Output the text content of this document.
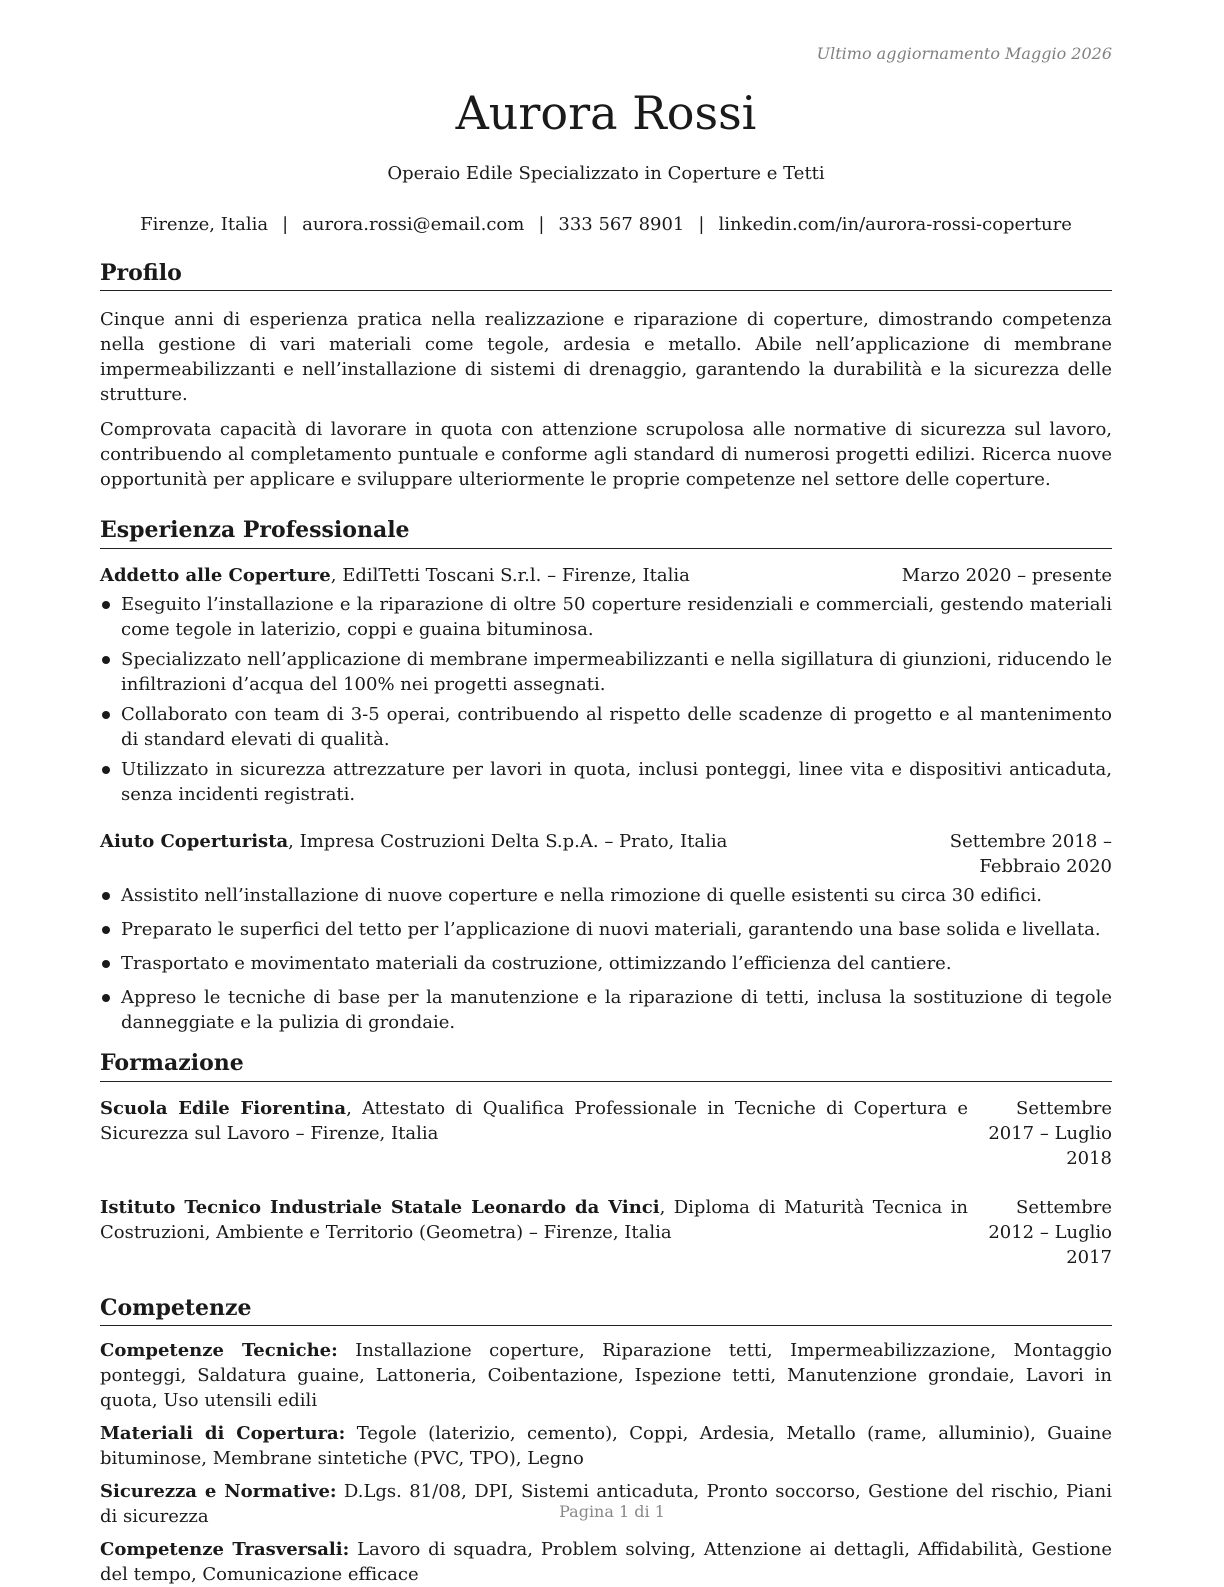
Ultimo aggiornamento Maggio 2026
Aurora Rossi
Operaio Edile Specializzato in Coperture e Tetti
Firenze, Italia | aurora.rossi@email.com | 333 567 8901 | linkedin.com/in/aurora-rossi-coperture
Profilo
Cinque anni di esperienza pratica nella realizzazione e riparazione di coperture, dimostrando competenza nella gestione di vari materiali come tegole, ardesia e metallo. Abile nell’applicazione di membrane impermeabilizzanti e nell’installazione di sistemi di drenaggio, garantendo la durabilità e la sicurezza delle strutture.
Comprovata capacità di lavorare in quota con attenzione scrupolosa alle normative di sicurezza sul lavoro, contribuendo al completamento puntuale e conforme agli standard di numerosi progetti edilizi. Ricerca nuove opportunità per applicare e sviluppare ulteriormente le proprie competenze nel settore delle coperture.
Esperienza Professionale
Addetto alle Coperture, EdilTetti Toscani S.r.l. – Firenze, Italia	Marzo 2020 – presente
Eseguito l’installazione e la riparazione di oltre 50 coperture residenziali e commerciali, gestendo materiali come tegole in laterizio, coppi e guaina bituminosa.
Specializzato nell’applicazione di membrane impermeabilizzanti e nella sigillatura di giunzioni, riducendo le infiltrazioni d’acqua del 100% nei progetti assegnati.
Collaborato con team di 3-5 operai, contribuendo al rispetto delle scadenze di progetto e al mantenimento di standard elevati di qualità.
Utilizzato in sicurezza attrezzature per lavori in quota, inclusi ponteggi, linee vita e dispositivi anticaduta, senza incidenti registrati.
Aiuto Coperturista, Impresa Costruzioni Delta S.p.A. – Prato, Italia	Settembre 2018 – Febbraio 2020
Assistito nell’installazione di nuove coperture e nella rimozione di quelle esistenti su circa 30 edifici.
Preparato le superfici del tetto per l’applicazione di nuovi materiali, garantendo una base solida e livellata.
Trasportato e movimentato materiali da costruzione, ottimizzando l’efficienza del cantiere.
Appreso le tecniche di base per la manutenzione e la riparazione di tetti, inclusa la sostituzione di tegole danneggiate e la pulizia di grondaie.
Formazione
Scuola Edile Fiorentina, Attestato di Qualifica Professionale in Tecniche di Copertura e Sicurezza sul Lavoro – Firenze, Italia
Settembre 2017 – Luglio 2018
Istituto Tecnico Industriale Statale Leonardo da Vinci, Diploma di Maturità Tecnica in Costruzioni, Ambiente e Territorio (Geometra) – Firenze, Italia
Settembre 2012 – Luglio 2017
Competenze
Competenze Tecniche: Installazione coperture, Riparazione tetti, Impermeabilizzazione, Montaggio ponteggi, Saldatura guaine, Lattoneria, Coibentazione, Ispezione tetti, Manutenzione grondaie, Lavori in quota, Uso utensili edili
Materiali di Copertura: Tegole (laterizio, cemento), Coppi, Ardesia, Metallo (rame, alluminio), Guaine bituminose, Membrane sintetiche (PVC, TPO), Legno
Sicurezza e Normative: D.Lgs. 81/08, DPI, Sistemi anticaduta, Pronto soccorso, Gestione del rischio, Piani di sicurezza
Competenze Trasversali: Lavoro di squadra, Problem solving, Attenzione ai dettagli, Affidabilità, Gestione del tempo, Comunicazione efficace
Pagina 1 di 1
